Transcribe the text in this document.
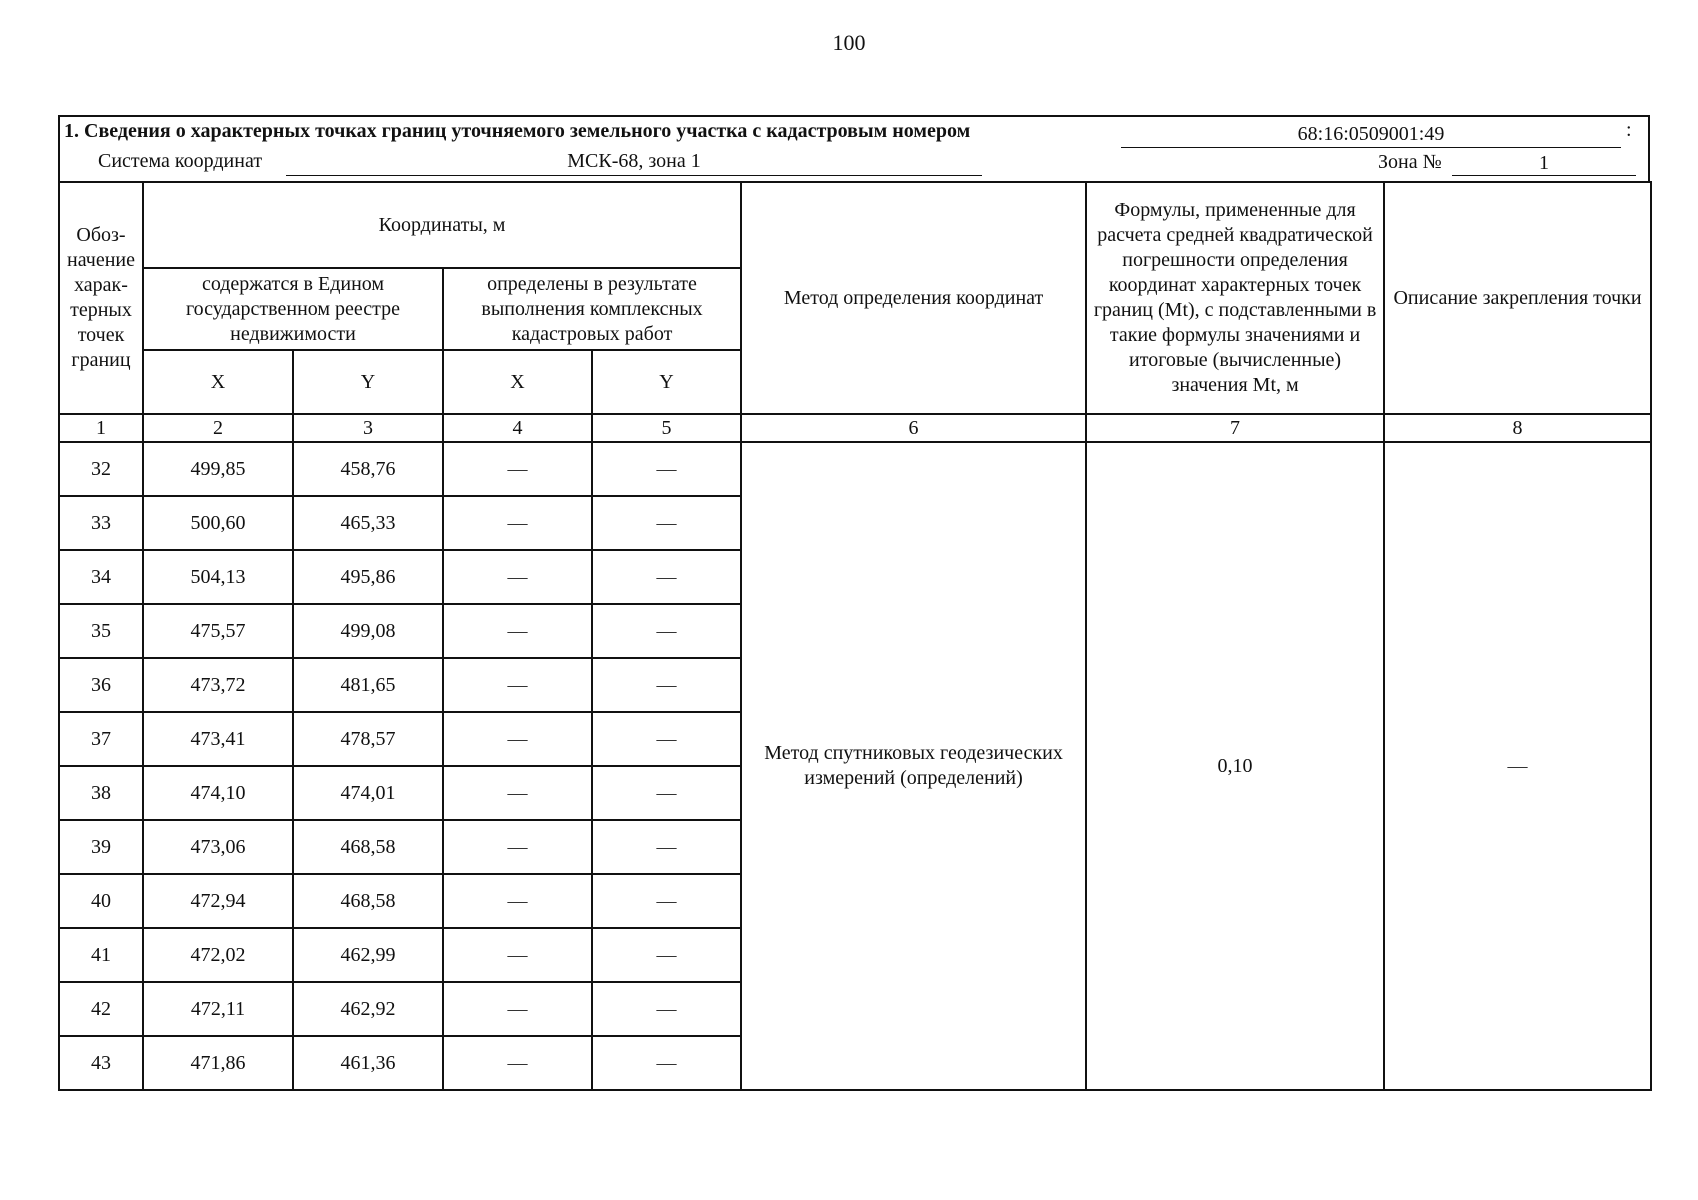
100
1. Сведения о характерных точках границ уточняемого земельного участка с кадастровым номером	68:16:0509001:49	:
Система координат	МСК-68, зона 1	Зона №	1
Обоз-начение харак-терных точек границ	Координаты, м				Метод определения координат	Формулы, примененные для расчета средней квадратической погрешности определения координат характерных точек границ (Mt), с подставленными в такие формулы значениями и итоговые (вычисленные) значения Mt, м	Описание закрепления точки
	содержатся в Едином государственном реестре недвижимости		определены в результате выполнения комплексных кадастровых работ				
	X	Y	X	Y			
1	2	3	4	5	6	7	8
32	499,85	458,76	—	—	Метод спутниковых геодезических измерений (определений)	0,10	—
33	500,60	465,33	—	—			
34	504,13	495,86	—	—			
35	475,57	499,08	—	—			
36	473,72	481,65	—	—			
37	473,41	478,57	—	—			
38	474,10	474,01	—	—			
39	473,06	468,58	—	—			
40	472,94	468,58	—	—			
41	472,02	462,99	—	—			
42	472,11	462,92	—	—			
43	471,86	461,36	—	—			
